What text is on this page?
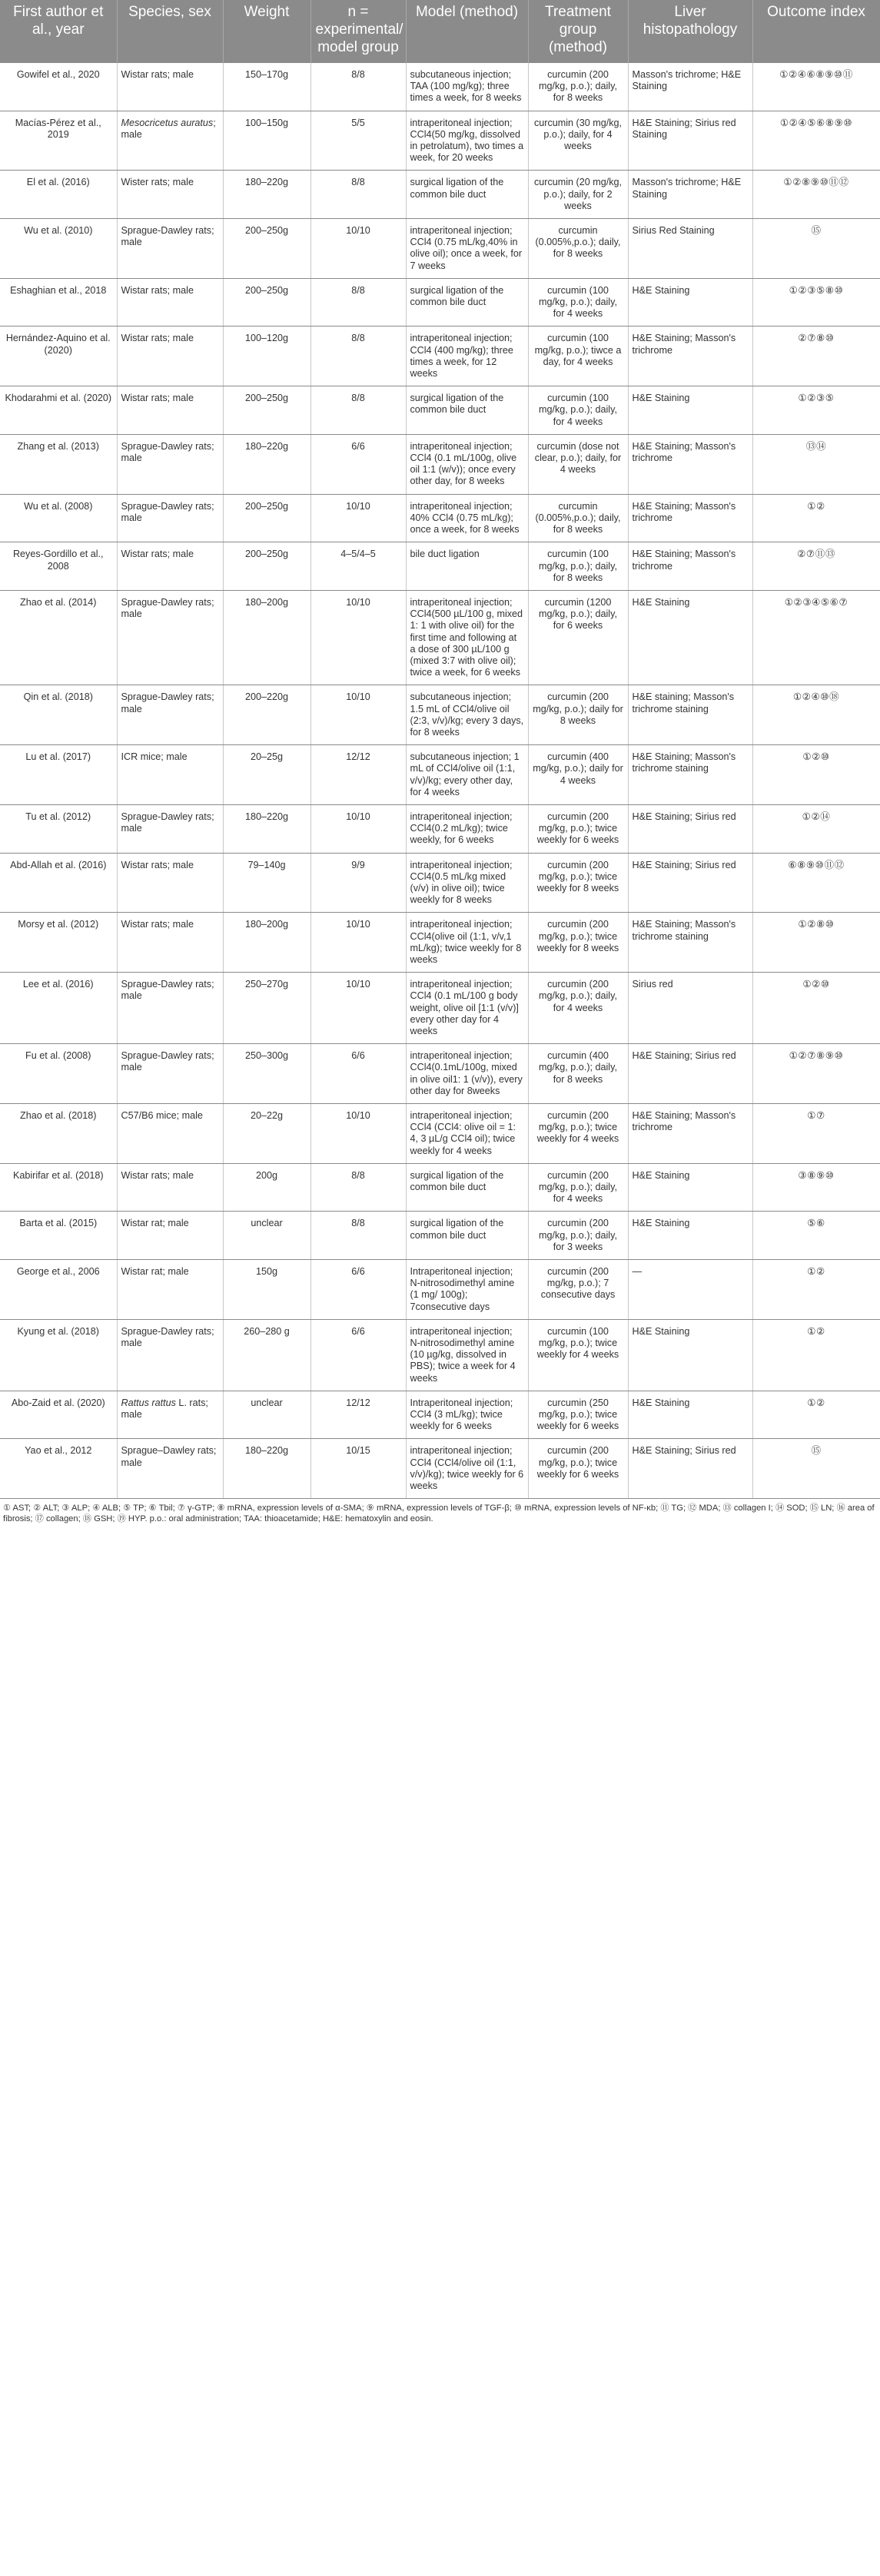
First author et al., year	Species, sex	Weight	n = experimental/ model group	Model (method)	Treatment group (method)	Liver histopathology	Outcome index
Gowifel et al., 2020	Wistar rats; male	150–170g	8/8	subcutaneous injection; TAA (100 mg/kg); three times a week, for 8 weeks	curcumin (200 mg/kg, p.o.); daily, for 8 weeks	Masson's trichrome; H&E Staining	①②④⑥⑧⑨⑩⑪
Macías-Pérez et al., 2019	Mesocricetus auratus; male	100–150g	5/5	intraperitoneal injection; CCl4(50 mg/kg, dissolved in petrolatum), two times a week, for 20 weeks	curcumin (30 mg/kg, p.o.); daily, for 4 weeks	H&E Staining; Sirius red Staining	①②④⑤⑥⑧⑨⑩
El et al. (2016)	Wister rats; male	180–220g	8/8	surgical ligation of the common bile duct	curcumin (20 mg/kg, p.o.); daily, for 2 weeks	Masson's trichrome; H&E Staining	①②⑧⑨⑩⑪⑫
Wu et al. (2010)	Sprague-Dawley rats; male	200–250g	10/10	intraperitoneal injection; CCl4 (0.75 mL/kg,40% in olive oil); once a week, for 7 weeks	curcumin (0.005%,p.o.); daily, for 8 weeks	Sirius Red Staining	⑮
Eshaghian et al., 2018	Wistar rats; male	200–250g	8/8	surgical ligation of the common bile duct	curcumin (100 mg/kg, p.o.); daily, for 4 weeks	H&E Staining	①②③⑤⑧⑩
Hernández-Aquino et al. (2020)	Wistar rats; male	100–120g	8/8	intraperitoneal injection; CCl4 (400 mg/kg); three times a week, for 12 weeks	curcumin (100 mg/kg, p.o.); tiwce a day, for 4 weeks	H&E Staining; Masson's trichrome	②⑦⑧⑩
Khodarahmi et al. (2020)	Wistar rats; male	200–250g	8/8	surgical ligation of the common bile duct	curcumin (100 mg/kg, p.o.); daily, for 4 weeks	H&E Staining	①②③⑤
Zhang et al. (2013)	Sprague-Dawley rats; male	180–220g	6/6	intraperitoneal injection; CCl4 (0.1 mL/100g, olive oil 1:1 (w/v)); once every other day, for 8 weeks	curcumin (dose not clear, p.o.); daily, for 4 weeks	H&E Staining; Masson's trichrome	⑬⑭
Wu et al. (2008)	Sprague-Dawley rats; male	200–250g	10/10	intraperitoneal injection; 40% CCl4 (0.75 mL/kg); once a week, for 8 weeks	curcumin (0.005%,p.o.); daily, for 8 weeks	H&E Staining; Masson's trichrome	①②
Reyes-Gordillo et al., 2008	Wistar rats; male	200–250g	4–5/4–5	bile duct ligation	curcumin (100 mg/kg, p.o.); daily, for 8 weeks	H&E Staining; Masson's trichrome	②⑦⑪⑬
Zhao et al. (2014)	Sprague-Dawley rats; male	180–200g	10/10	intraperitoneal injection; CCl4(500 µL/100 g, mixed 1: 1 with olive oil) for the first time and following at a dose of 300 µL/100 g (mixed 3:7 with olive oil); twice a week, for 6 weeks	curcumin (1200 mg/kg, p.o.); daily, for 6 weeks	H&E Staining	①②③④⑤⑥⑦
Qin et al. (2018)	Sprague-Dawley rats; male	200–220g	10/10	subcutaneous injection; 1.5 mL of CCl4/olive oil (2:3, v/v)/kg; every 3 days, for 8 weeks	curcumin (200 mg/kg, p.o.); daily for 8 weeks	H&E staining; Masson's trichrome staining	①②④⑩⑱
Lu et al. (2017)	ICR mice; male	20–25g	12/12	subcutaneous injection; 1 mL of CCl4/olive oil (1:1, v/v)/kg; every other day, for 4 weeks	curcumin (400 mg/kg, p.o.); daily for 4 weeks	H&E Staining; Masson's trichrome staining	①②⑩
Tu et al. (2012)	Sprague-Dawley rats; male	180–220g	10/10	intraperitoneal injection; CCl4(0.2 mL/kg); twice weekly, for 6 weeks	curcumin (200 mg/kg, p.o.); twice weekly for 6 weeks	H&E Staining; Sirius red	①②⑭
Abd-Allah et al. (2016)	Wistar rats; male	79–140g	9/9	intraperitoneal injection; CCl4(0.5 mL/kg mixed (v/v) in olive oil); twice weekly for 8 weeks	curcumin (200 mg/kg, p.o.); twice weekly for 8 weeks	H&E Staining; Sirius red	⑥⑧⑨⑩⑪⑫
Morsy et al. (2012)	Wistar rats; male	180–200g	10/10	intraperitoneal injection; CCl4(olive oil (1:1, v/v,1 mL/kg); twice weekly for 8 weeks	curcumin (200 mg/kg, p.o.); twice weekly for 8 weeks	H&E Staining; Masson's trichrome staining	①②⑧⑩
Lee et al. (2016)	Sprague-Dawley rats; male	250–270g	10/10	intraperitoneal injection; CCl4 (0.1 mL/100 g body weight, olive oil [1:1 (v/v)] every other day for 4 weeks	curcumin (200 mg/kg, p.o.); daily, for 4 weeks	Sirius red	①②⑩
Fu et al. (2008)	Sprague-Dawley rats; male	250–300g	6/6	intraperitoneal injection; CCl4(0.1mL/100g, mixed in olive oil1: 1 (v/v)), every other day for 8weeks	curcumin (400 mg/kg, p.o.); daily, for 8 weeks	H&E Staining; Sirius red	①②⑦⑧⑨⑩
Zhao et al. (2018)	C57/B6 mice; male	20–22g	10/10	intraperitoneal injection; CCl4 (CCl4: olive oil = 1: 4, 3 µL/g CCl4 oil); twice weekly for 4 weeks	curcumin (200 mg/kg, p.o.); twice weekly for 4 weeks	H&E Staining; Masson's trichrome	①⑦
Kabirifar et al. (2018)	Wistar rats; male	200g	8/8	surgical ligation of the common bile duct	curcumin (200 mg/kg, p.o.); daily, for 4 weeks	H&E Staining	③⑧⑨⑩
Barta et al. (2015)	Wistar rat; male	unclear	8/8	surgical ligation of the common bile duct	curcumin (200 mg/kg, p.o.); daily, for 3 weeks	H&E Staining	⑤⑥
George et al., 2006	Wistar rat; male	150g	6/6	Intraperitoneal injection; N-nitrosodimethyl amine (1 mg/ 100g); 7consecutive days	curcumin (200 mg/kg, p.o.); 7 consecutive days	—	①②
Kyung et al. (2018)	Sprague-Dawley rats; male	260–280 g	6/6	intraperitoneal injection; N-nitrosodimethyl amine (10 µg/kg, dissolved in PBS); twice a week for 4 weeks	curcumin (100 mg/kg, p.o.); twice weekly for 4 weeks	H&E Staining	①②
Abo-Zaid et al. (2020)	Rattus rattus L. rats; male	unclear	12/12	Intraperitoneal injection; CCl4 (3 mL/kg); twice weekly for 6 weeks	curcumin (250 mg/kg, p.o.); twice weekly for 6 weeks	H&E Staining	①②
Yao et al., 2012	Sprague–Dawley rats; male	180–220g	10/15	intraperitoneal injection; CCl4 (CCl4/olive oil (1:1, v/v)/kg); twice weekly for 6 weeks	curcumin (200 mg/kg, p.o.); twice weekly for 6 weeks	H&E Staining; Sirius red	⑮
① AST; ② ALT; ③ ALP; ④ ALB; ⑤ TP; ⑥ Tbil; ⑦ γ-GTP; ⑧ mRNA, expression levels of α-SMA; ⑨ mRNA, expression levels of TGF-β; ⑩ mRNA, expression levels of NF-κb; ⑪ TG; ⑫ MDA; ⑬ collagen I; ⑭ SOD; ⑮ LN; ⑯ area of fibrosis; ⑰ collagen; ⑱ GSH; ⑲ HYP. p.o.: oral administration; TAA: thioacetamide; H&E: hematoxylin and eosin.
